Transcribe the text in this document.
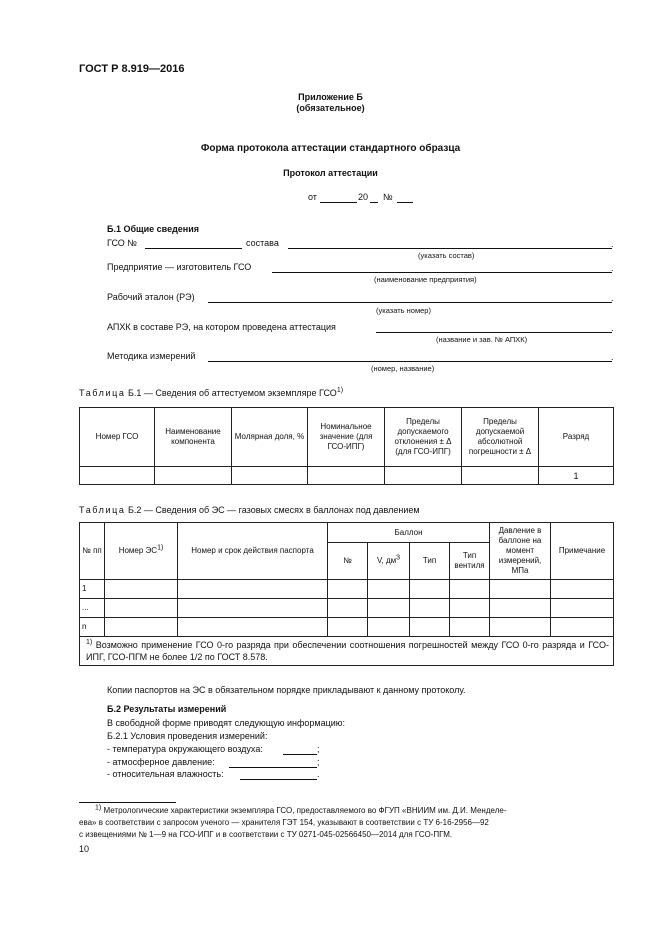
ГОСТ Р 8.919—2016
Приложение Б
(обязательное)
Форма протокола аттестации стандартного образца
Протокол аттестации
от	20 №
Б.1 Общие сведения
ГСО №	состава	.
(указать состав)
Предприятие — изготовитель ГСО	.
(наименование предприятия)
Рабочий эталон (РЭ)	.
(указать номер)
АПХК в составе РЭ, на котором проведена аттестация	.
(название и зав. № АПХК)
Методика измерений	.
(номер, название)
Таблица Б.1 — Сведения об аттестуемом экземпляре ГСО$^{1)}$
Номер ГСО	Наименование компонента	Молярная доля, %	Номинальное значение (для ГСО-ИПГ)	Пределы допускаемого отклонения ± Δ (для ГСО-ИПГ)	Пределы допускаемой абсолютной погрешности ± Δ	Разряд
						1
Таблица Б.2 — Сведения об ЭС — газовых смесях в баллонах под давлением
№ пп	Номер ЭС1)	Номер и срок действия паспорта	Баллон				Давление в баллоне на момент измерений, МПа	Примечание
			№	V, дм3	Тип	Тип вентиля		
1								
...								
n								
$^{1)}$ Возможно применение ГСО 0-го разряда при обеспечении соотношения погрешностей между ГСО 0-го разряда и ГСО-ИПГ, ГСО-ПГМ не более 1/2 по ГОСТ 8.578.								
Копии паспортов на ЭС в обязательном порядке прикладывают к данному протоколу.
Б.2 Результаты измерений
В свободной форме приводят следующую информацию:
Б.2.1 Условия проведения измерений:
- температура окружающего воздуха:	;
- атмосферное давление:	;
- относительная влажность:	.
1) Метрологические характеристики экземпляра ГСО, предоставляемого во ФГУП «ВНИИМ им. Д.И. Менделе-
ева» в соответствии с запросом ученого — хранителя ГЭТ 154, указывают в соответствии с ТУ 6-16-2956—92
с извещениями № 1—9 на ГСО-ИПГ и в соответствии с ТУ 0271-045-02566450—2014 для ГСО-ПГМ.
10
